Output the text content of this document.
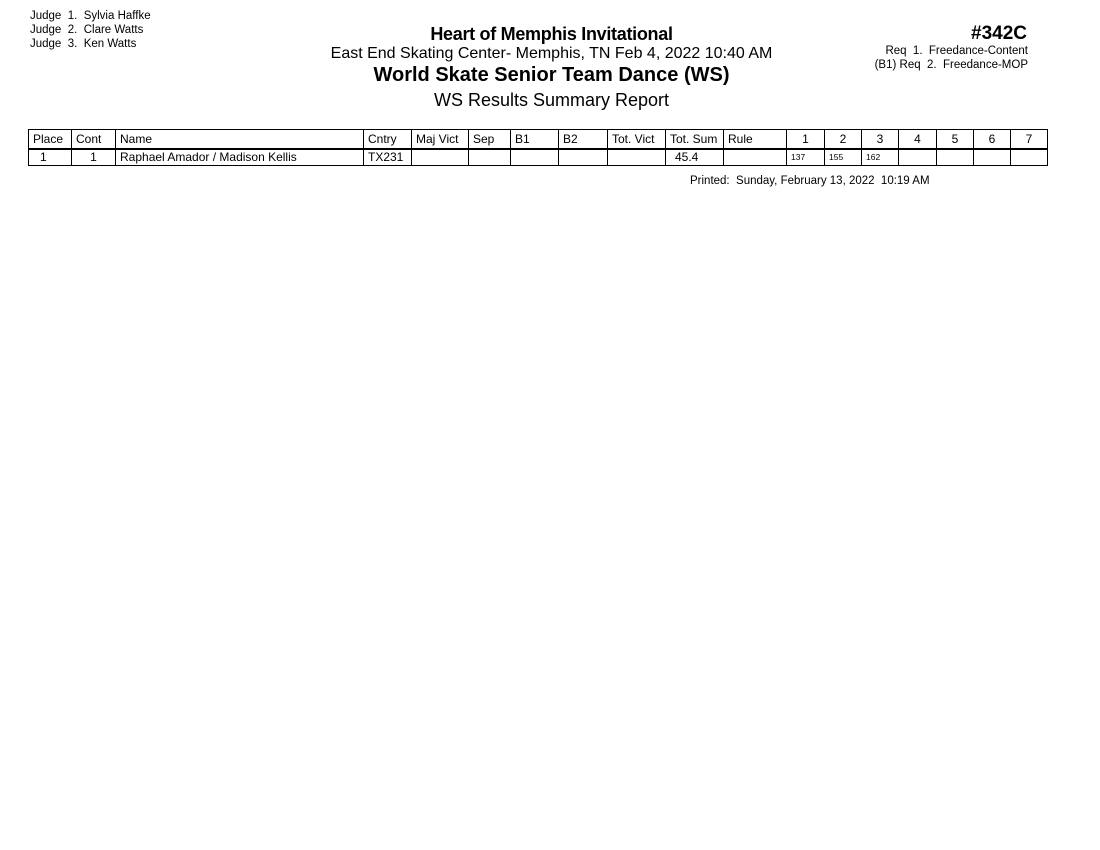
Judge  1.  Sylvia Haffke
Judge  2.  Clare Watts
Judge  3.  Ken Watts	Heart of Memphis Invitational
East End Skating Center- Memphis, TN Feb 4, 2022 10:40 AM
World Skate Senior Team Dance (WS)
WS Results Summary Report
#342C
Req  1.  Freedance-Content
(B1) Req  2.  Freedance-MOP
Place	Cont	Name	Cntry	Maj Vict	Sep	B1	B2	Tot. Vict	Tot. Sum	Rule	1	2	3	4	5	6	7
1	1	Raphael Amador / Madison Kellis	TX231						45.4		137	155	162				
Printed:  Sunday, February 13, 2022  10:19 AM
